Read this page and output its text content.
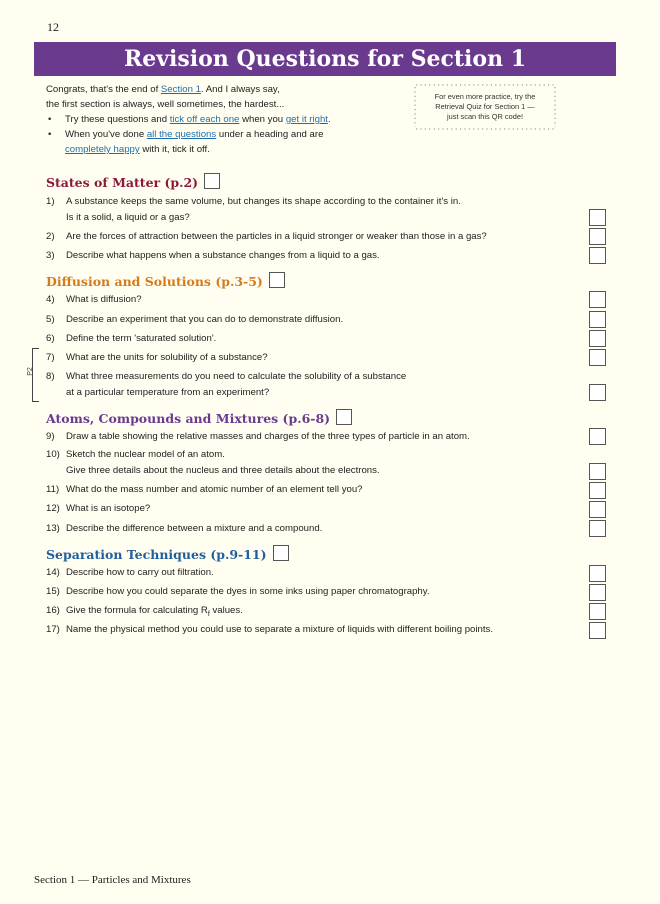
12
Revision Questions for Section 1

Congrats, that's the end of Section 1. And I always say,

the first section is always, well sometimes, the hardest...

• Try these questions and tick off each one when you get it right.
• When you've done all the questions under a heading and are
completely happy with it, tick it off.
For even more practice, try the
Retrieval Quiz for Section 1 —
just scan this QR code!
States of Matter (p.2)
1) A substance keeps the same volume, but changes its shape according to the container it's in.
Is it a solid, a liquid or a gas?
2) Are the forces of attraction between the particles in a liquid stronger or weaker than those in a gas?
3) Describe what happens when a substance changes from a liquid to a gas.
Diffusion and Solutions (p.3-5)
4) What is diffusion?
5) Describe an experiment that you can do to demonstrate diffusion.
6) Define the term 'saturated solution'.
7) What are the units for solubility of a substance?
8) What three measurements do you need to calculate the solubility of a substance
at a particular temperature from an experiment?
P2
Atoms, Compounds and Mixtures (p.6-8)
9) Draw a table showing the relative masses and charges of the three types of particle in an atom.
10) Sketch the nuclear model of an atom.
Give three details about the nucleus and three details about the electrons.
11) What do the mass number and atomic number of an element tell you?
12) What is an isotope?
13) Describe the difference between a mixture and a compound.
Separation Techniques (p.9-11)
14) Describe how to carry out filtration.
15) Describe how you could separate the dyes in some inks using paper chromatography.
16) Give the formula for calculating $R_f$ values.
17) Name the physical method you could use to separate a mixture of liquids with different boiling points.
Section 1 — Particles and Mixtures
